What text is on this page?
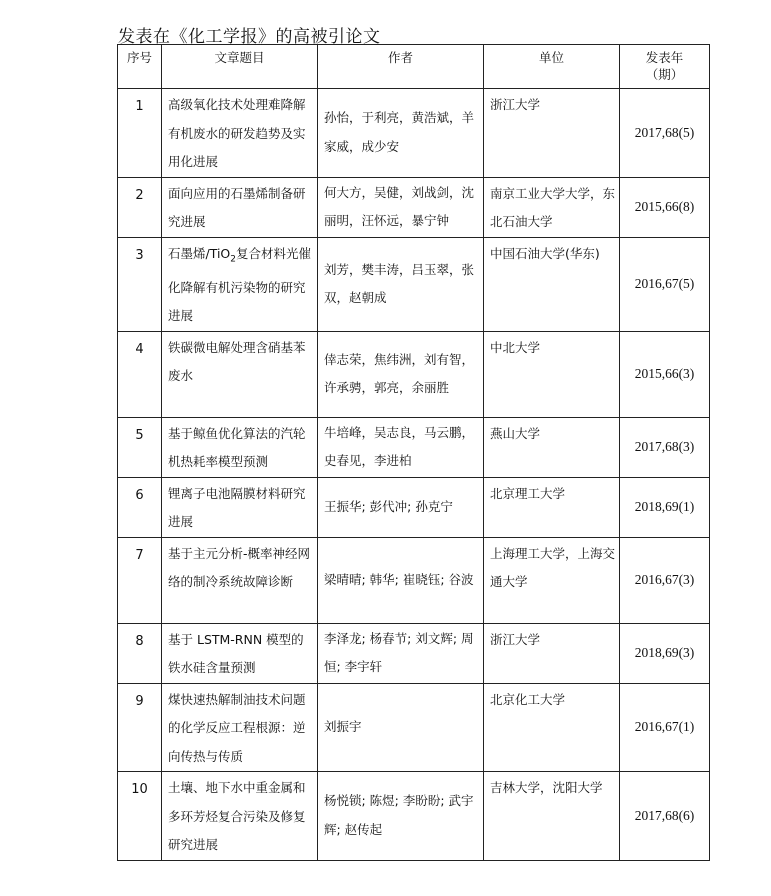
发表在《化工学报》的高被引论文
序号	文章题目	作者	单位	发表年
（期）

1	高级氧化技术处理难降解有机废水的研发趋势及实用化进展	孙怡，于利亮，黄浩斌，羊家威，成少安	浙江大学	2017,68(5)
2	面向应用的石墨烯制备研究进展	何大方，吴健，刘战剑，沈丽明，汪怀远，暴宁钟	南京工业大学大学，东北石油大学	2015,66(8)
3	石墨烯/TiO$_2$复合材料光催化降解有机污染物的研究进展	刘芳，樊丰涛，吕玉翠，张双，赵朝成	中国石油大学(华东)	2016,67(5)
4	铁碳微电解处理含硝基苯废水	倖志荣，焦纬洲，刘有智，许承骋，郭亮，余丽胜	中北大学	2015,66(3)
5	基于鲸鱼优化算法的汽轮机热耗率模型预测	牛培峰，吴志良，马云鹏，史春见，李进柏	燕山大学	2017,68(3)
6	锂离子电池隔膜材料研究进展	王振华; 彭代冲; 孙克宁	北京理工大学	2018,69(1)
7	基于主元分析-概率神经网络的制冷系统故障诊断	梁晴晴; 韩华; 崔晓钰; 谷波	上海理工大学，上海交通大学	2016,67(3)
8	基于 LSTM-RNN 模型的铁水硅含量预测	李泽龙; 杨春节; 刘文辉; 周恒; 李宇轩	浙江大学	2018,69(3)
9	煤快速热解制油技术问题的化学反应工程根源：逆向传热与传质	刘振宇	北京化工大学	2016,67(1)
10	土壤、地下水中重金属和多环芳烃复合污染及修复研究进展	杨悦锁; 陈煜; 李盼盼; 武宇辉; 赵传起	吉林大学，沈阳大学	2017,68(6)
